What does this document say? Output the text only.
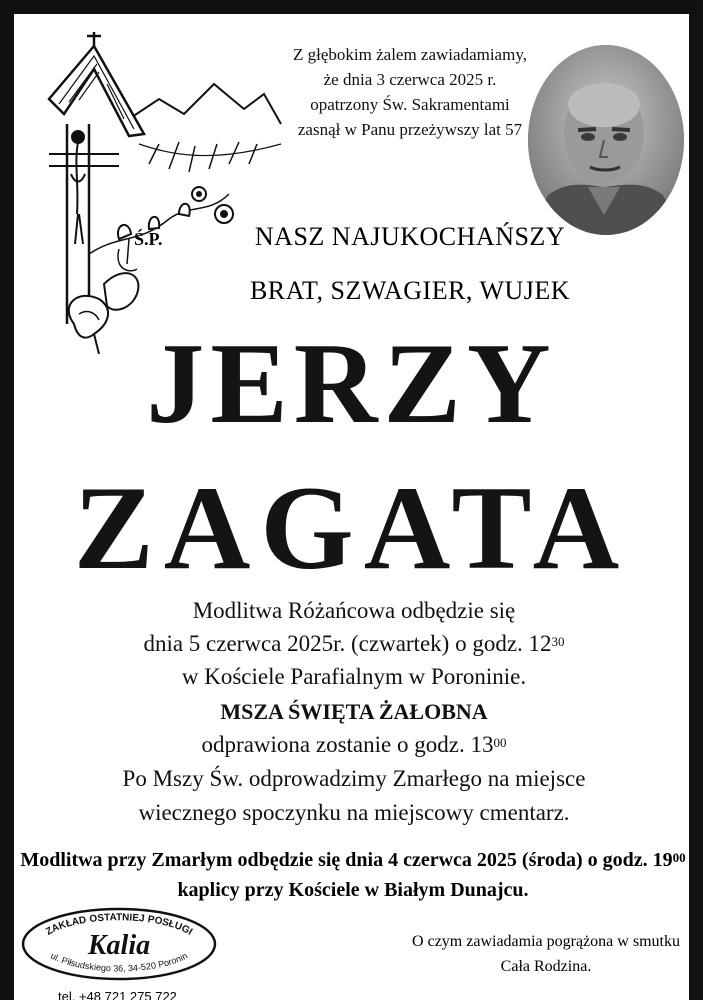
Z głębokim żalem zawiadamiamy,
że dnia 3 czerwca 2025 r.
opatrzony Św. Sakramentami
zasnął w Panu przeżywszy lat 57
Ś.P.	NASZ NAJUKOCHAŃSZY
BRAT, SZWAGIER, WUJEK
JERZY
ZAGATA
Modlitwa Różańcowa odbędzie się
dnia 5 czerwca 2025r. (czwartek) o godz. $12^{30}$
w Kościele Parafialnym w Poroninie.
MSZA ŚWIĘTA ŻAŁOBNA
odprawiona zostanie o godz. $13^{00}$
Po Mszy Św. odprowadzimy Zmarłego na miejsce
wiecznego spoczynku na miejscowy cmentarz.
Modlitwa przy Zmarłym odbędzie się dnia 4 czerwca 2025 (środa) o godz. $19^{00}$
kaplicy przy Kościele w Białym Dunajcu.
O czym zawiadamia pogrążona w smutku
Cała Rodzina.
ZAKŁAD OSTATNIEJ POSŁUGI
Kalia
ul. Piłsudskiego 36, 34-520 Poronin
tel. +48 721 275 722
